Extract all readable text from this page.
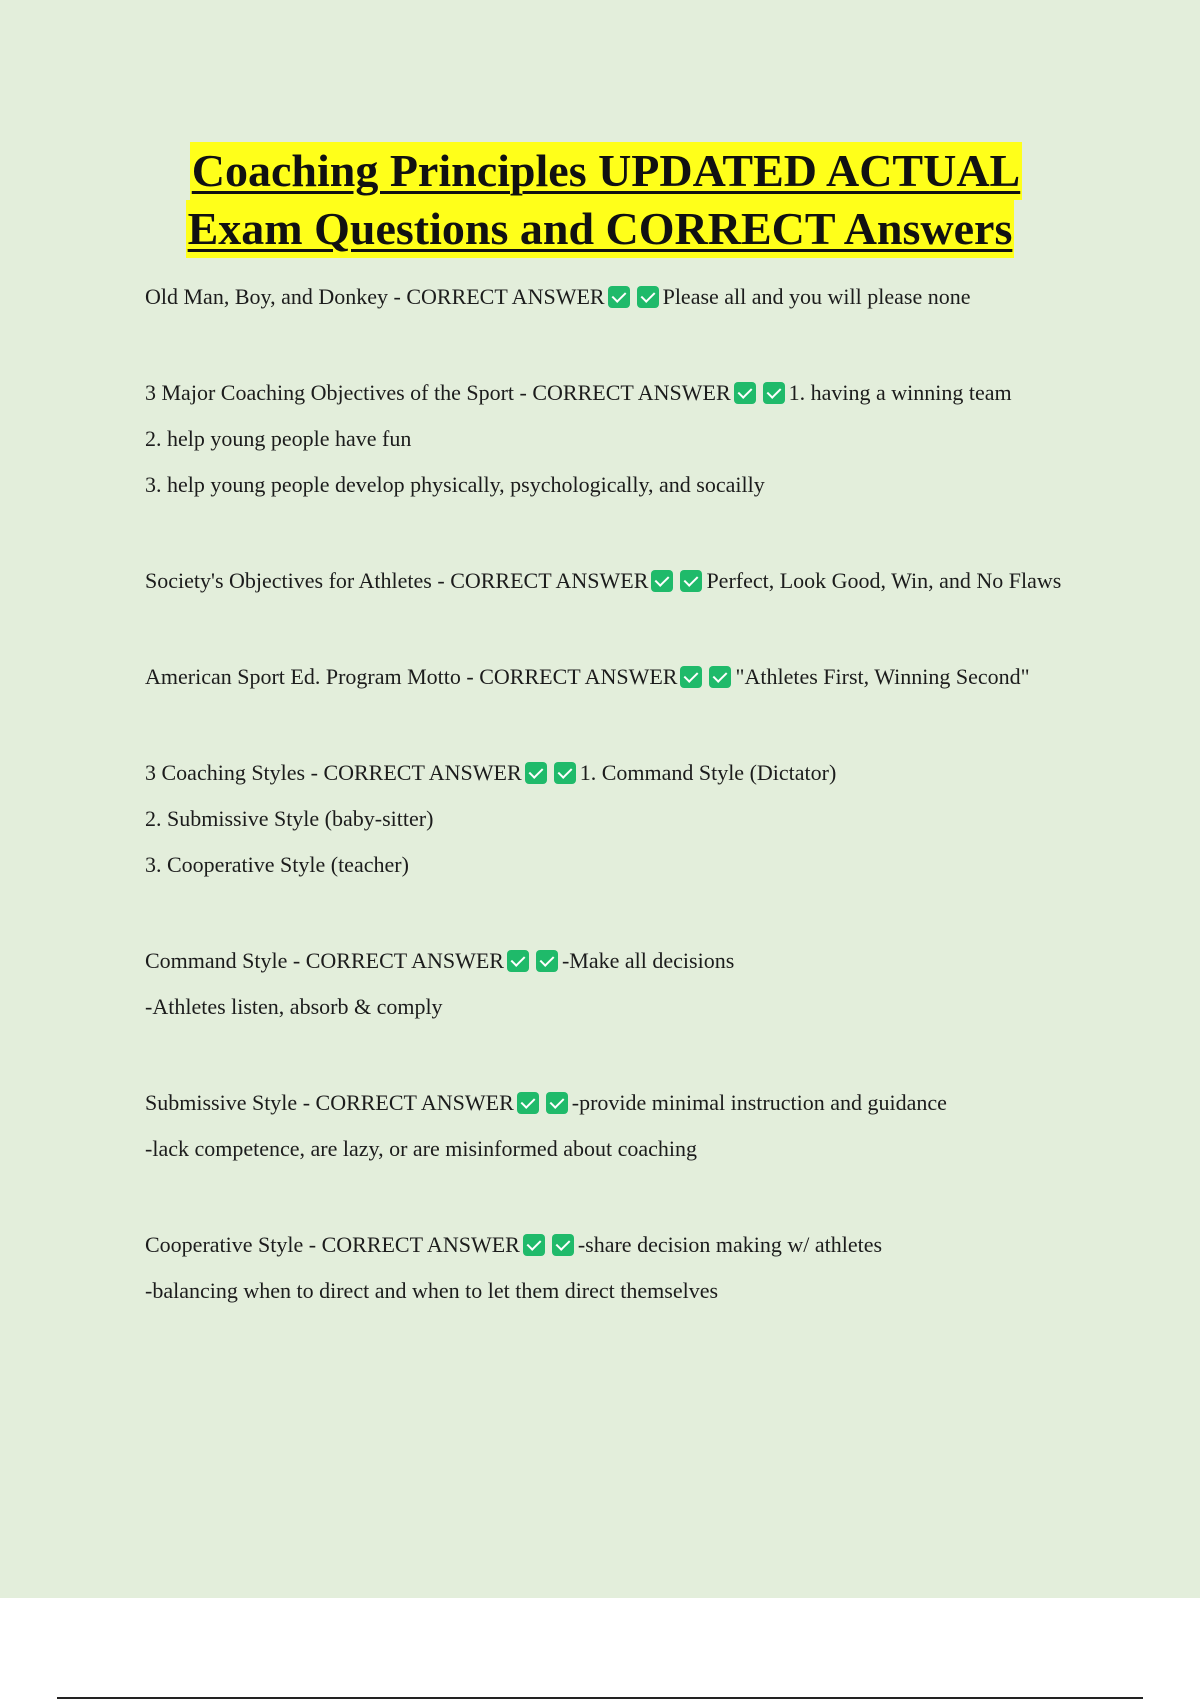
Coaching Principles UPDATED ACTUAL
Exam Questions and CORRECT Answers

Old Man, Boy, and Donkey - CORRECT ANSWER	Please all and you will please none

3 Major Coaching Objectives of the Sport - CORRECT ANSWER	1. having a winning team

2. help young people have fun

3. help young people develop physically, psychologically, and socailly

Society's Objectives for Athletes - CORRECT ANSWER	Perfect, Look Good, Win, and No Flaws

American Sport Ed. Program Motto - CORRECT ANSWER	"Athletes First, Winning Second"

3 Coaching Styles - CORRECT ANSWER	1. Command Style (Dictator)

2. Submissive Style (baby-sitter)

3. Cooperative Style (teacher)

Command Style - CORRECT ANSWER	-Make all decisions

-Athletes listen, absorb & comply

Submissive Style - CORRECT ANSWER	-provide minimal instruction and guidance

-lack competence, are lazy, or are misinformed about coaching

Cooperative Style - CORRECT ANSWER	-share decision making w/ athletes

-balancing when to direct and when to let them direct themselves
